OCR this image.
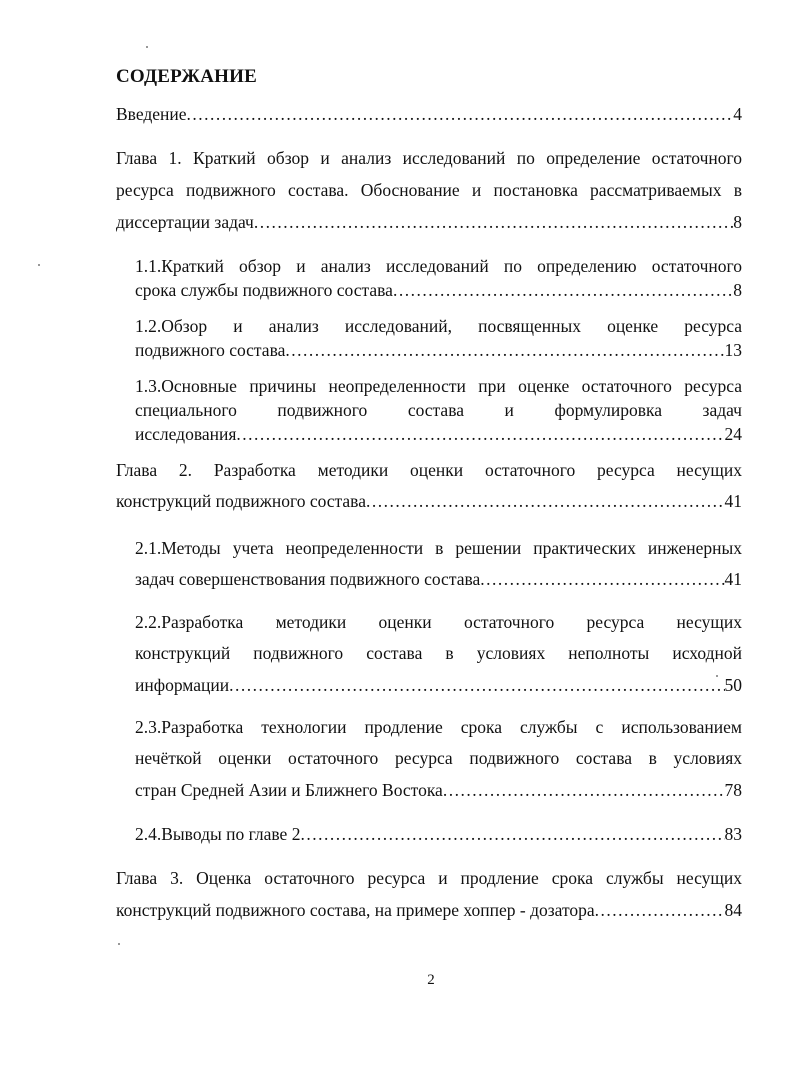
СОДЕРЖАНИЕ
Введение .....	4
Глава 1. Краткий обзор и анализ исследований по определение остаточного
ресурса подвижного состава. Обоснование и постановка рассматриваемых в
диссертации задач .....	8
1.1.Краткий обзор и анализ исследований по определению остаточного
срока службы подвижного состава .....	8
1.2.Обзор и анализ исследований, посвященных оценке ресурса
подвижного состава .....	13
1.3.Основные причины неопределенности при оценке остаточного ресурса
специального подвижного состава и формулировка задач
исследования .....	24
Глава 2. Разработка методики оценки остаточного ресурса несущих
конструкций подвижного состава .....	41
2.1.Методы учета неопределенности в решении практических инженерных
задач совершенствования подвижного состава .....	41
2.2.Разработка методики оценки остаточного ресурса несущих
конструкций подвижного состава в условиях неполноты исходной
информации .....	50
2.3.Разработка технологии продление срока службы с использованием
нечёткой оценки остаточного ресурса подвижного состава в условиях
стран Средней Азии и Ближнего Востока .....	78
2.4.Выводы по главе 2 .....	83
Глава 3. Оценка остаточного ресурса и продление срока службы несущих
конструкций подвижного состава, на примере хоппер - дозатора .....	84
2
